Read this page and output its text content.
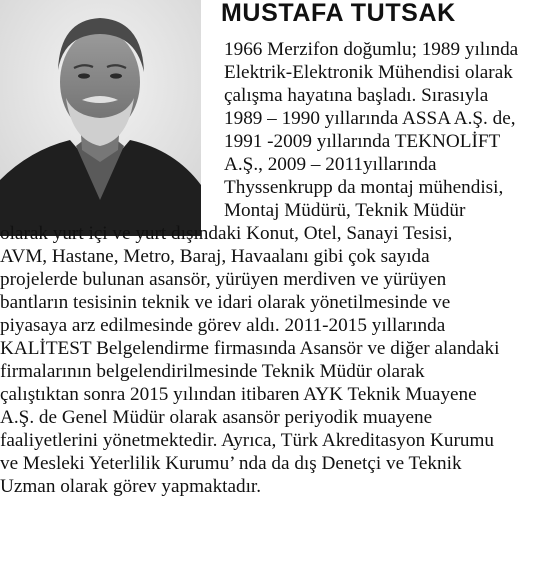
MUSTAFA TUTSAK

1966 Merzifon doğumlu; 1989 yılında

Elektrik-Elektronik Mühendisi olarak

çalışma hayatına başladı. Sırasıyla

1989 – 1990 yıllarında ASSA A.Ş. de,

1991 -2009 yıllarında TEKNOLİFT

A.Ş., 2009 – 2011yıllarında

Thyssenkrupp da montaj mühendisi,

Montaj Müdürü, Teknik Müdür

olarak yurt içi ve yurt dışındaki Konut, Otel, Sanayi Tesisi,

AVM, Hastane, Metro, Baraj, Havaalanı gibi çok sayıda

projelerde bulunan asansör, yürüyen merdiven ve yürüyen

bantların tesisinin teknik ve idari olarak yönetilmesinde ve

piyasaya arz edilmesinde görev aldı. 2011-2015 yıllarında

KALİTEST Belgelendirme firmasında Asansör ve diğer alandaki

firmalarının belgelendirilmesinde Teknik Müdür olarak

çalıştıktan sonra 2015 yılından itibaren AYK Teknik Muayene

A.Ş. de Genel Müdür olarak asansör periyodik muayene

faaliyetlerini yönetmektedir. Ayrıca, Türk Akreditasyon Kurumu

ve Mesleki Yeterlilik Kurumu’ nda da dış Denetçi ve Teknik

Uzman olarak görev yapmaktadır.
